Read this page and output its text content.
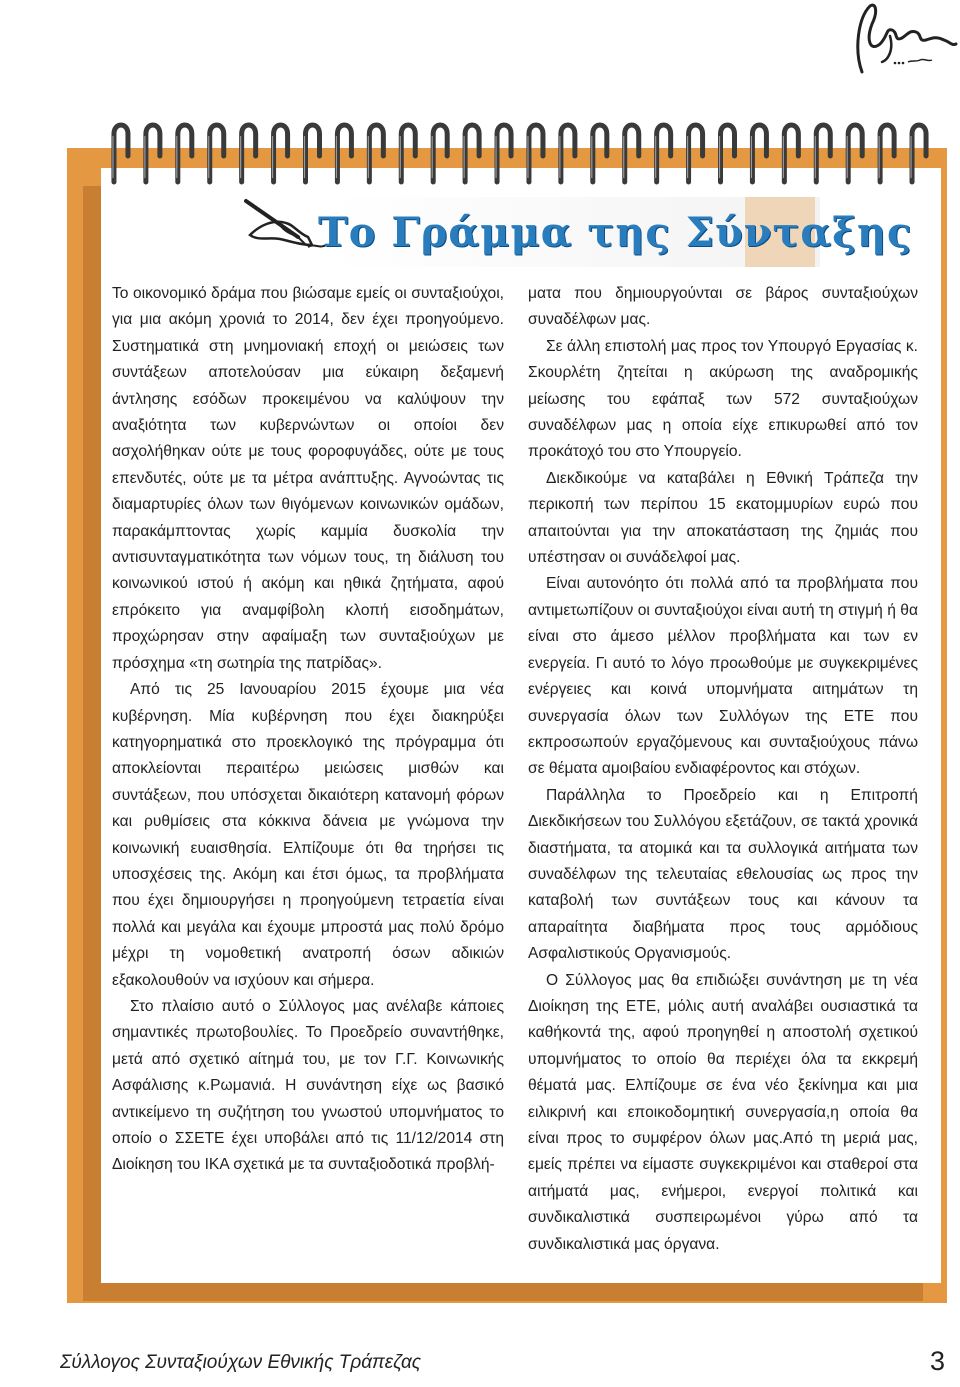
Το Γράμμα της Σύνταξης

Το οικονομικό δράμα που βιώσαμε εμείς οι συνταξιούχοι, για μια ακόμη χρονιά το 2014, δεν έχει προηγούμενο. Συστηματικά στη μνημονιακή εποχή οι μειώσεις των συντάξεων αποτελούσαν μια εύκαιρη δεξαμενή άντλησης εσόδων προκειμένου να καλύψουν την αναξιότητα των κυβερνώντων οι οποίοι δεν ασχολήθηκαν ούτε με τους φοροφυγάδες, ούτε με τους επενδυτές, ούτε με τα μέτρα ανάπτυξης. Αγνοώντας τις διαμαρτυρίες όλων των θιγόμενων κοινωνικών ομάδων, παρακάμπτοντας χωρίς καμμία δυσκολία την αντισυνταγματικότητα των νόμων τους, τη διάλυση του κοινωνικού ιστού ή ακόμη και ηθικά ζητήματα, αφού επρόκειτο για αναμφίβολη κλοπή εισοδημάτων, προχώρησαν στην αφαίμαξη των συνταξιούχων με πρόσχημα «τη σωτηρία της πατρίδας».

Από τις 25 Ιανουαρίου 2015 έχουμε μια νέα κυβέρνηση. Μία κυβέρνηση που έχει διακηρύξει κατηγορηματικά στο προεκλογικό της πρόγραμμα ότι αποκλείονται περαιτέρω μειώσεις μισθών και συντάξεων, που υπόσχεται δικαιότερη κατανομή φόρων και ρυθμίσεις στα κόκκινα δάνεια με γνώμονα την κοινωνική ευαισθησία. Ελπίζουμε ότι θα τηρήσει τις υποσχέσεις της. Ακόμη και έτσι όμως, τα προβλήματα που έχει δημιουργήσει η προηγούμενη τετραετία είναι πολλά και μεγάλα και έχουμε μπροστά μας πολύ δρόμο μέχρι τη νομοθετική ανατροπή όσων αδικιών εξακολουθούν να ισχύουν και σήμερα.

Στο πλαίσιο αυτό ο Σύλλογος μας ανέλαβε κάποιες σημαντικές πρωτοβουλίες. Το Προεδρείο συναντήθηκε, μετά από σχετικό αίτημά του, με τον Γ.Γ. Κοινωνικής Ασφάλισης κ.Ρωμανιά. Η συνάντηση είχε ως βασικό αντικείμενο τη συζήτηση του γνωστού υπομνήματος το οποίο ο ΣΣΕΤΕ έχει υποβάλει από τις 11/12/2014 στη Διοίκηση του ΙΚΑ σχετικά με τα συνταξιοδοτικά προβλή-

ματα που δημιουργούνται σε βάρος συνταξιούχων συναδέλφων μας.

Σε άλλη επιστολή μας προς τον Υπουργό Εργασίας κ. Σκουρλέτη ζητείται η ακύρωση της αναδρομικής μείωσης του εφάπαξ των 572 συνταξιούχων συναδέλφων μας η οποία είχε επικυρωθεί από τον προκάτοχό του στο Υπουργείο.

Διεκδικούμε να καταβάλει η Εθνική Τράπεζα την περικοπή των περίπου 15 εκατομμυρίων ευρώ που απαιτούνται για την αποκατάσταση της ζημιάς που υπέστησαν οι συνάδελφοί μας.

Είναι αυτονόητο ότι πολλά από τα προβλήματα που αντιμετωπίζουν οι συνταξιούχοι είναι αυτή τη στιγμή ή θα είναι στο άμεσο μέλλον προβλήματα και των εν ενεργεία. Γι αυτό το λόγο προωθούμε με συγκεκριμένες ενέργειες και κοινά υπομνήματα αιτημάτων τη συνεργασία όλων των Συλλόγων της ΕΤΕ που εκπροσωπούν εργαζόμενους και συνταξιούχους πάνω σε θέματα αμοιβαίου ενδιαφέροντος και στόχων.

Παράλληλα το Προεδρείο και η Επιτροπή Διεκδικήσεων του Συλλόγου εξετάζουν, σε τακτά χρονικά διαστήματα, τα ατομικά και τα συλλογικά αιτήματα των συναδέλφων της τελευταίας εθελουσίας ως προς την καταβολή των συντάξεων τους και κάνουν τα απαραίτητα διαβήματα προς τους αρμόδιους Ασφαλιστικούς Οργανισμούς.

Ο Σύλλογος μας θα επιδιώξει συνάντηση με τη νέα Διοίκηση της ΕΤΕ, μόλις αυτή αναλάβει ουσιαστικά τα καθήκοντά της, αφού προηγηθεί η αποστολή σχετικού υπομνήματος το οποίο θα περιέχει όλα τα εκκρεμή θέματά μας. Ελπίζουμε σε ένα νέο ξεκίνημα και μια ειλικρινή και εποικοδομητική συνεργασία,η οποία θα είναι προς το συμφέρον όλων μας.Από τη μεριά μας, εμείς πρέπει να είμαστε συγκεκριμένοι και σταθεροί στα αιτήματά μας, ενήμεροι, ενεργοί πολιτικά και συνδικαλιστικά συσπειρωμένοι γύρω από τα συνδικαλιστικά μας όργανα.

Σύλλογος Συνταξιούχων Εθνικής Τράπεζας	3
